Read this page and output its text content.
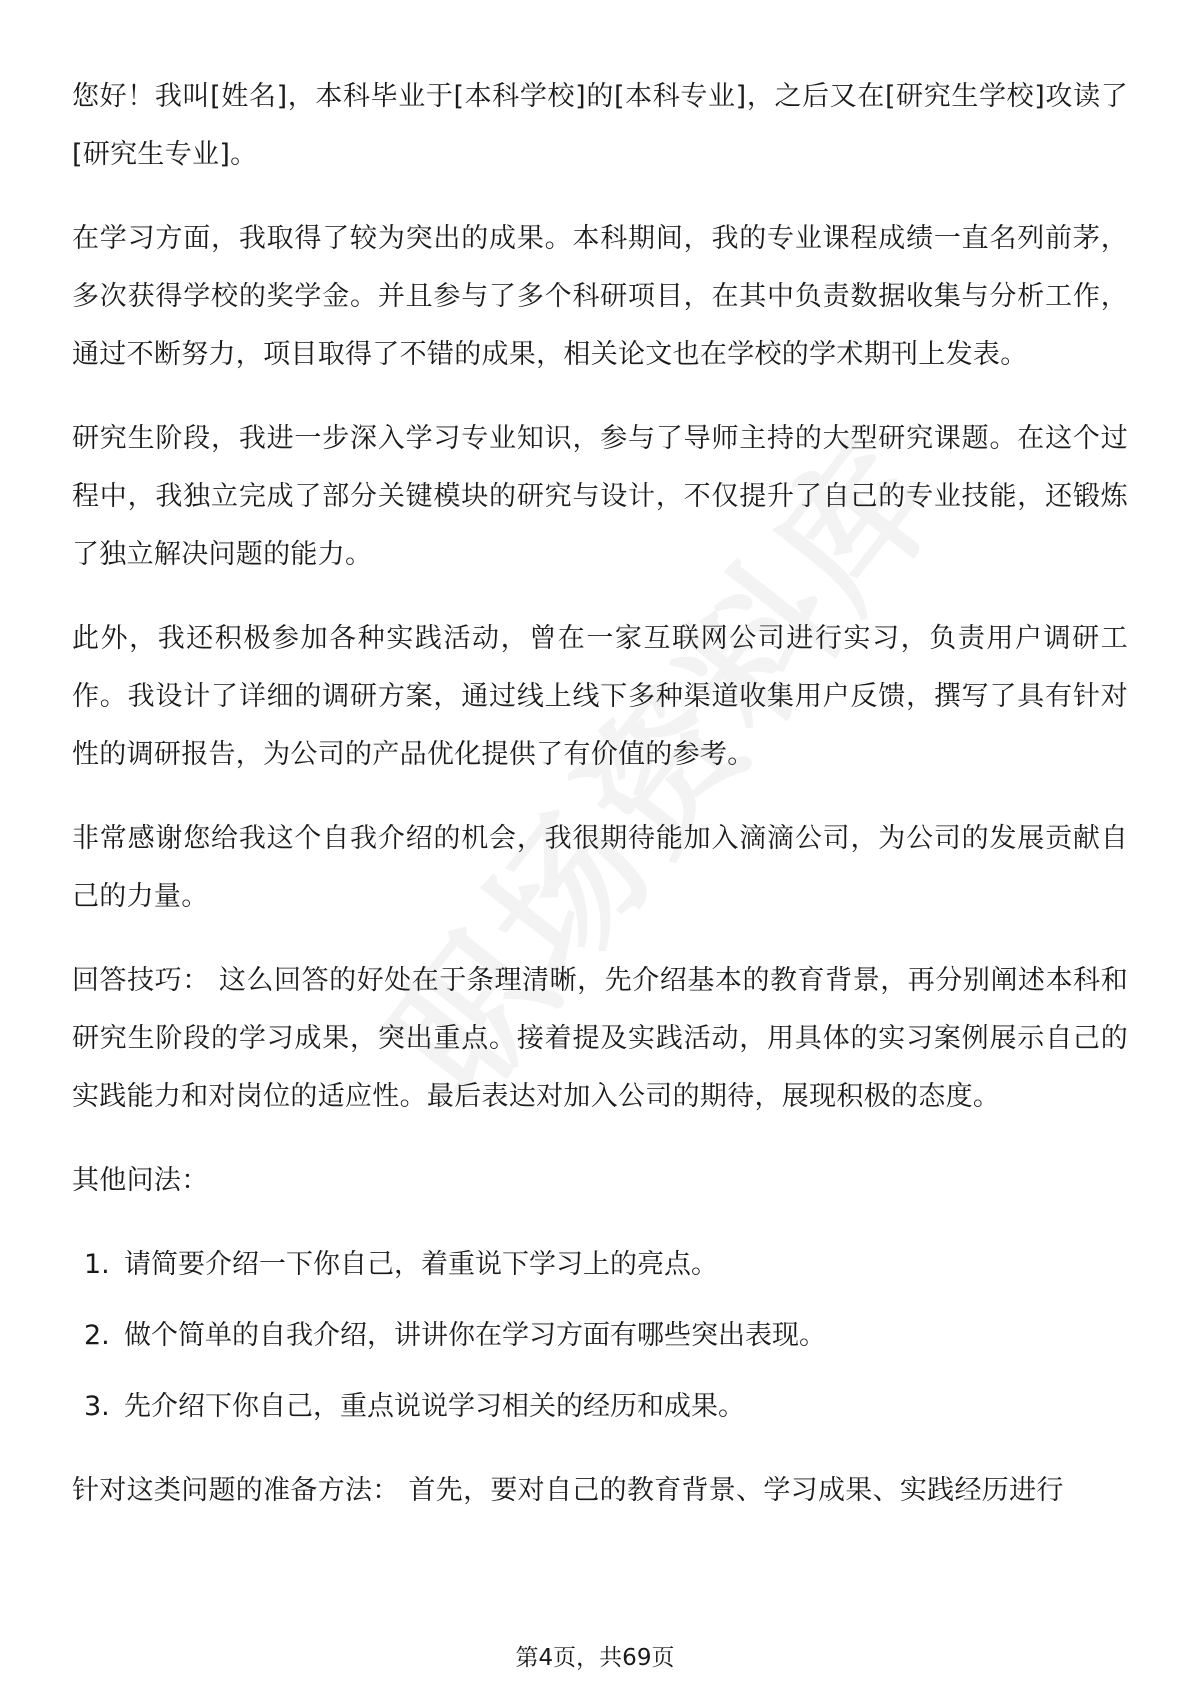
您好！我叫[姓名]，本科毕业于[本科学校]的[本科专业]，之后又在[研究生学校]攻读了[研究生专业]。

在学习方面，我取得了较为突出的成果。本科期间，我的专业课程成绩一直名列前茅，多次获得学校的奖学金。并且参与了多个科研项目，在其中负责数据收集与分析工作，通过不断努力，项目取得了不错的成果，相关论文也在学校的学术期刊上发表。

研究生阶段，我进一步深入学习专业知识，参与了导师主持的大型研究课题。在这个过程中，我独立完成了部分关键模块的研究与设计，不仅提升了自己的专业技能，还锻炼了独立解决问题的能力。

此外，我还积极参加各种实践活动，曾在一家互联网公司进行实习，负责用户调研工作。我设计了详细的调研方案，通过线上线下多种渠道收集用户反馈，撰写了具有针对性的调研报告，为公司的产品优化提供了有价值的参考。

非常感谢您给我这个自我介绍的机会，我很期待能加入滴滴公司，为公司的发展贡献自己的力量。

回答技巧： 这么回答的好处在于条理清晰，先介绍基本的教育背景，再分别阐述本科和研究生阶段的学习成果，突出重点。接着提及实践活动，用具体的实习案例展示自己的实践能力和对岗位的适应性。最后表达对加入公司的期待，展现积极的态度。

其他问法：

1. 请简要介绍一下你自己，着重说下学习上的亮点。
2. 做个简单的自我介绍，讲讲你在学习方面有哪些突出表现。
3. 先介绍下你自己，重点说说学习相关的经历和成果。

针对这类问题的准备方法： 首先，要对自己的教育背景、学习成果、实践经历进行

第4页，共69页
